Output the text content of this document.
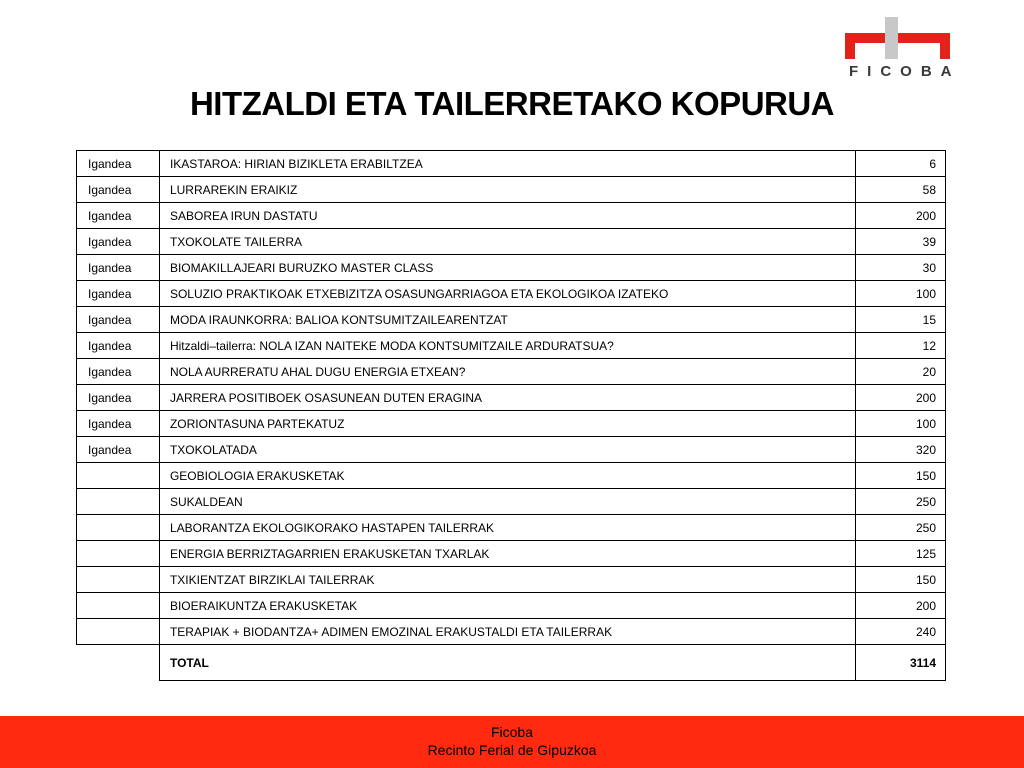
FICOBA
HITZALDI ETA TAILERRETAKO KOPURUA
Igandea	IKASTAROA: HIRIAN BIZIKLETA ERABILTZEA	6
Igandea	LURRAREKIN ERAIKIZ	58
Igandea	SABOREA IRUN DASTATU	200
Igandea	TXOKOLATE TAILERRA	39
Igandea	BIOMAKILLAJEARI BURUZKO MASTER CLASS	30
Igandea	SOLUZIO PRAKTIKOAK ETXEBIZITZA OSASUNGARRIAGOA ETA EKOLOGIKOA IZATEKO	100
Igandea	MODA IRAUNKORRA: BALIOA KONTSUMITZAILEARENTZAT	15
Igandea	Hitzaldi–tailerra: NOLA IZAN NAITEKE MODA KONTSUMITZAILE ARDURATSUA?	12
Igandea	NOLA AURRERATU AHAL DUGU ENERGIA ETXEAN?	20
Igandea	JARRERA POSITIBOEK OSASUNEAN DUTEN ERAGINA	200
Igandea	ZORIONTASUNA PARTEKATUZ	100
Igandea	TXOKOLATADA	320
	GEOBIOLOGIA ERAKUSKETAK	150
	SUKALDEAN	250
	LABORANTZA EKOLOGIKORAKO HASTAPEN TAILERRAK	250
	ENERGIA BERRIZTAGARRIEN ERAKUSKETAN TXARLAK	125
	TXIKIENTZAT BIRZIKLAI TAILERRAK	150
	BIOERAIKUNTZA ERAKUSKETAK	200
	TERAPIAK + BIODANTZA+ ADIMEN EMOZINAL ERAKUSTALDI ETA TAILERRAK	240
	TOTAL	3114
Ficoba
Recinto Ferial de Gipuzkoa
